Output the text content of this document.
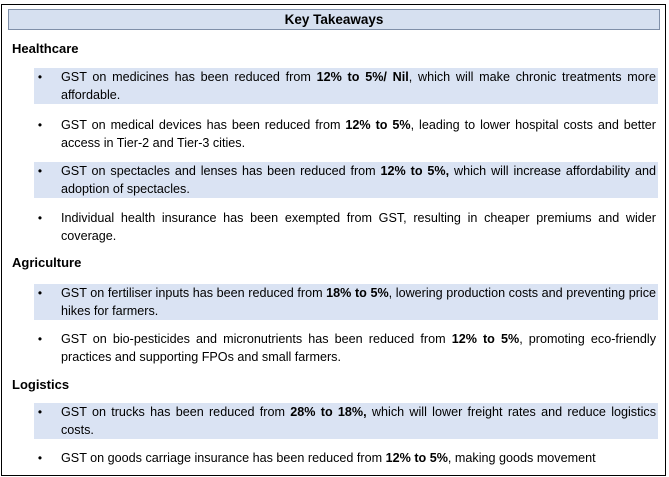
Key Takeaways
Healthcare
•	GST on medicines has been reduced from 12% to 5%/ Nil, which will make chronic treatments more affordable.
•	GST on medical devices has been reduced from 12% to 5%, leading to lower hospital costs and better access in Tier-2 and Tier-3 cities.
•	GST on spectacles and lenses has been reduced from 12% to 5%, which will increase affordability and adoption of spectacles.
•	Individual health insurance has been exempted from GST, resulting in cheaper premiums and wider coverage.
Agriculture
•	GST on fertiliser inputs has been reduced from 18% to 5%, lowering production costs and preventing price hikes for farmers.
•	GST on bio-pesticides and micronutrients has been reduced from 12% to 5%, promoting eco-friendly practices and supporting FPOs and small farmers.
Logistics
•	GST on trucks has been reduced from 28% to 18%, which will lower freight rates and reduce logistics costs.
•	GST on goods carriage insurance has been reduced from 12% to 5%, making goods movement
